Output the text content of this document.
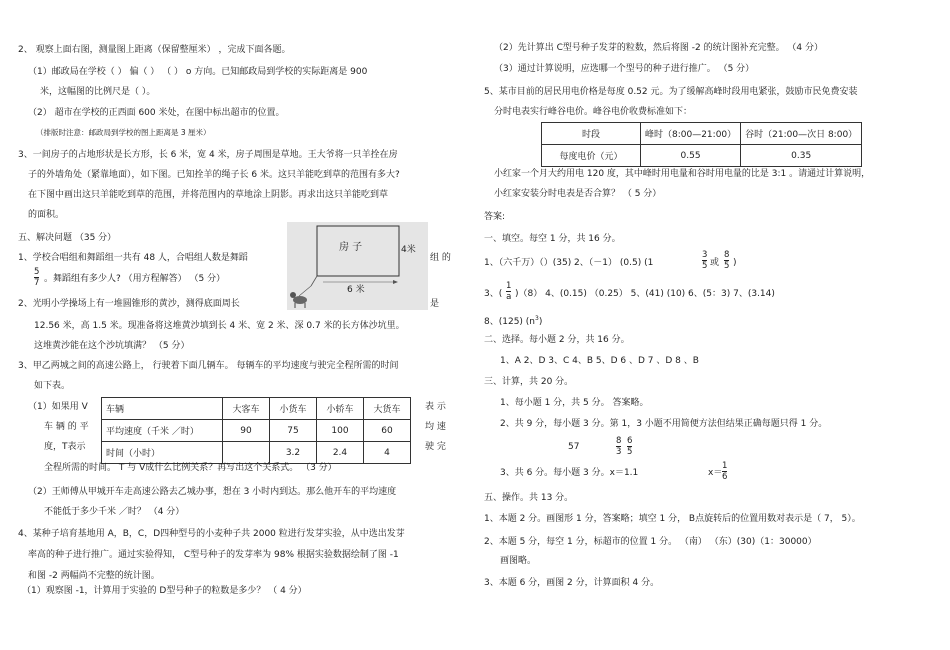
2、 观察上面右图，测量图上距离（保留整厘米） ，完成下面各题。
（1）邮政局在学校（ ） 偏（ ） （ ） o 方向。已知邮政局到学校的实际距离是 900
米，这幅图的比例尺是（ ）。
（2） 超市在学校的正西面 600 米处，在图中标出超市的位置。
（排版时注意：邮政局到学校的图上距离是 3 厘米）
3、一间房子的占地形状是长方形，长 6 米，宽 4 米，房子周围是草地。王大爷将一只羊拴在房
子的外墙角处（紧靠地面），如下图。已知拴羊的绳子长 6 米。这只羊能吃到草的范围有多大?
在下图中画出这只羊能吃到草的范围，并将范围内的草地涂上阴影。再求出这只羊能吃到草
的面积。
五、解决问题 （35 分）
房 子	4米
6 米
1、学校合唱组和舞蹈组一共有 48 人，合唱组人数是舞蹈	组 的
5
7 。舞蹈组有多少人? （用方程解答） （5 分）
2、光明小学操场上有一堆圆锥形的黄沙，测得底面周长	是
12.56 米，高 1.5 米。现准备将这堆黄沙填到长 4 米、宽 2 米、深 0.7 米的长方体沙坑里。
这堆黄沙能在这个沙坑填满？ （5 分）
3、甲乙两城之间的高速公路上， 行驶着下面几辆车。 每辆车的平均速度与驶完全程所需的时间
如下表。
（1）如果用 V
车 辆 的 平
度，T表示
表 示
均 速
驶 完
车辆	大客车	小货车	小轿车	大货车
平均速度（千米 ／时）	90	75	100	60
时间（小时）		3.2	2.4	4
全程所需的时间。 T 与 V成什么比例关系？再写出这个关系式。 （3 分）
（2）王师傅从甲城开车走高速公路去乙城办事，想在 3 小时内到达。那么他开车的平均速度
不能低于多少千米 ／时？ （4 分）
4、某种子培育基地用 A，B，C，D四种型号的小麦种子共 2000 粒进行发芽实验，从中选出发芽
率高的种子进行推广。通过实验得知， C型号种子的发芽率为 98% 根据实验数据绘制了图 -1
和图 -2 两幅尚不完整的统计图。
（1）观察图 -1，计算用于实验的 D型号种子的粒数是多少？ （ 4 分）
（2）先计算出 C型号种子发芽的粒数，然后将图 -2 的统计图补充完整。 （4 分）
（3）通过计算说明，应选哪一个型号的种子进行推广。 （5 分）
5、某市目前的居民用电价格是每度 0.52 元。为了缓解高峰时段用电紧张，鼓励市民免费安装
分时电表实行峰谷电价。峰谷电价收费标准如下：
时段	峰时（8:00—21:00）	谷时（21:00—次日 8:00）
每度电价（元）	0.55	0.35
小红家一个月大约用电 120 度，其中峰时用电量和谷时用电量的比是 3:1 。请通过计算说明，
小红家安装分时电表是否合算？ （ 5 分）
答案:
一、填空。每空 1 分，共 16 分。
1、（六千万）（）(35) 2、（－1） (0.5) (1
3
5 或
8
5 )
3、(
1
a )（8） 4、(0.15) （0.25） 5、(41) (10) 6、(5：3) 7、(3.14)
8、(125) $(n^3)$
二、选择。每小题 2 分，共 16 分。
1、A 2、D 3、C 4、B 5、D 6 、D 7 、D 8 、B
三、计算，共 20 分。
1、每小题 1 分，共 5 分。 答案略。
2、共 9 分，每小题 3 分。第 1，3 小题不用简便方法但结果正确每题只得 1 分。
57
8
3
6
5
3、共 6 分。每小题 3 分。x＝1.1	x＝
1
6
五、操作。共 13 分。
1、本题 2 分。画图形 1 分，答案略；填空 1 分， B点旋转后的位置用数对表示是（ 7， 5）。
2、本题 5 分，每空 1 分，标超市的位置 1 分。 （南） （东）(30)（1：30000）
画图略。
3、本题 6 分，画图 2 分，计算面积 4 分。
